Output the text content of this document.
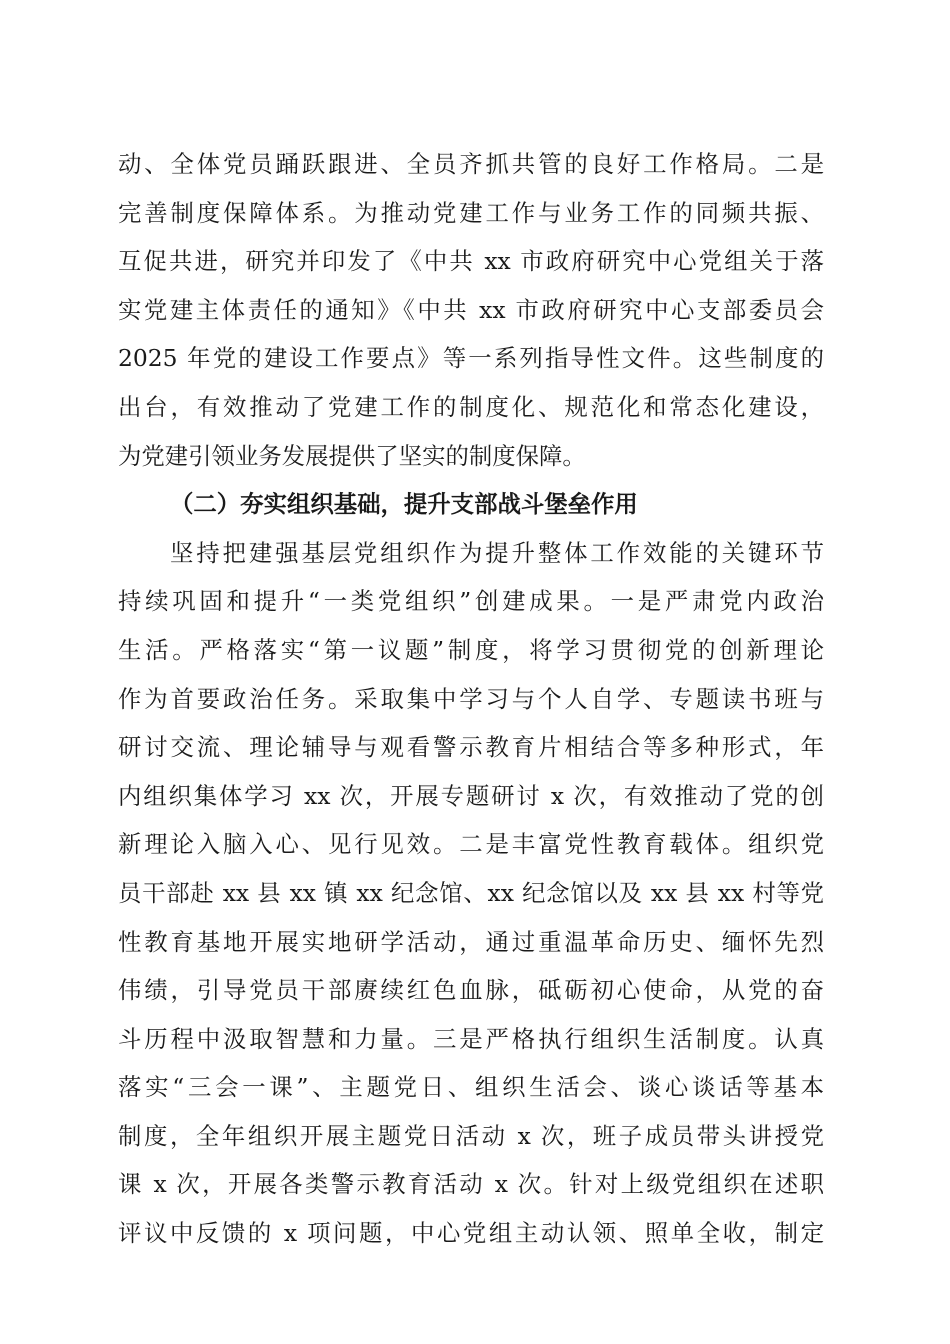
动、全体党员踊跃跟进、全员齐抓共管的良好工作格局。二是
完善制度保障体系。为推动党建工作与业务工作的同频共振、
互促共进，研究并印发了《中共 xx 市政府研究中心党组关于落
实党建主体责任的通知》《中共 xx 市政府研究中心支部委员会
2025 年党的建设工作要点》等一系列指导性文件。这些制度的
出台，有效推动了党建工作的制度化、规范化和常态化建设，
为党建引领业务发展提供了坚实的制度保障。
（二）夯实组织基础，提升支部战斗堡垒作用
坚持把建强基层党组织作为提升整体工作效能的关键环节
持续巩固和提升“一类党组织”创建成果。一是严肃党内政治
生活。严格落实“第一议题”制度，将学习贯彻党的创新理论
作为首要政治任务。采取集中学习与个人自学、专题读书班与
研讨交流、理论辅导与观看警示教育片相结合等多种形式，年
内组织集体学习 xx 次，开展专题研讨 x 次，有效推动了党的创
新理论入脑入心、见行见效。二是丰富党性教育载体。组织党
员干部赴 xx 县 xx 镇 xx 纪念馆、xx 纪念馆以及 xx 县 xx 村等党
性教育基地开展实地研学活动，通过重温革命历史、缅怀先烈
伟绩，引导党员干部赓续红色血脉，砥砺初心使命，从党的奋
斗历程中汲取智慧和力量。三是严格执行组织生活制度。认真
落实“三会一课”、主题党日、组织生活会、谈心谈话等基本
制度，全年组织开展主题党日活动 x 次，班子成员带头讲授党
课 x 次，开展各类警示教育活动 x 次。针对上级党组织在述职
评议中反馈的 x 项问题，中心党组主动认领、照单全收，制定
